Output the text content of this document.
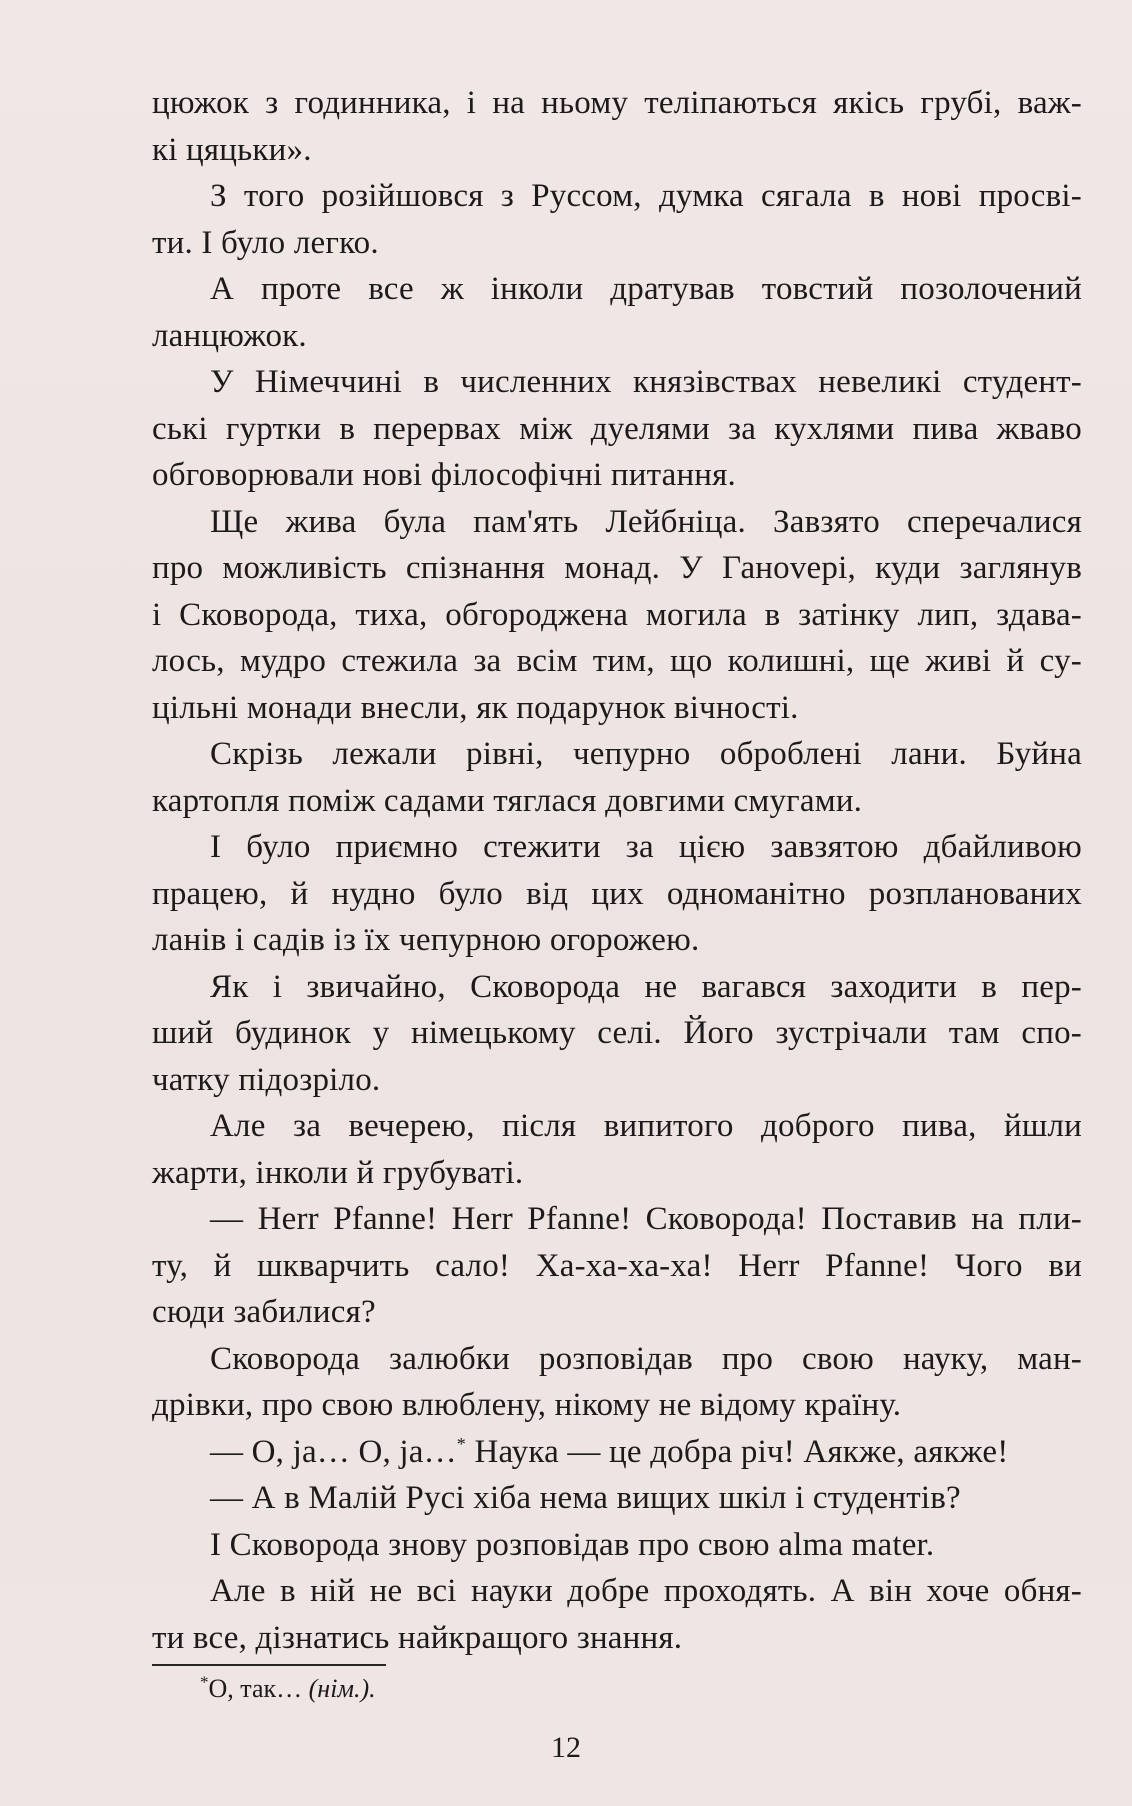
цюжок з годинника, і на ньому теліпаються якісь грубі, важ-
кі цяцьки».
З того розійшовся з Руссом, думка сягала в нові просві-
ти. І було легко.
А проте все ж інколи дратував товстий позолочений
ланцюжок.
У Німеччині в численних князівствах невеликі студент-
ські гуртки в перервах між дуелями за кухлями пива жваво
обговорювали нові філософічні питання.
Ще жива була пам'ять Лейбніца. Завзято сперечалися
про можливість спізнання монад. У Ганovері, куди заглянув
і Сковорода, тиха, обгороджена могила в затінку лип, здава-
лось, мудро стежила за всім тим, що колишні, ще живі й су-
цільні монади внесли, як подарунок вічності.
Скрізь лежали рівні, чепурно оброблені лани. Буйна
картопля поміж садами тяглася довгими смугами.
І було приємно стежити за цією завзятою дбайливою
працею, й нудно було від цих одноманітно розпланованих
ланів і садів із їх чепурною огорожею.
Як і звичайно, Сковорода не вагався заходити в пер-
ший будинок у німецькому селі. Його зустрічали там спо-
чатку підозріло.
Але за вечерею, після випитого доброго пива, йшли
жарти, інколи й грубуваті.
— Herr Pfanne! Herr Pfanne! Сковорода! Поставив на пли-
ту, й шкварчить сало! Ха-ха-ха-ха! Herr Pfanne! Чого ви
сюди забилися?
Сковорода залюбки розповідав про свою науку, ман-
дрівки, про свою влюблену, нікому не відому країну.
— O, ja… O, ja…* Наука — це добра річ! Аякже, аякже!
— А в Малій Русі хіба нема вищих шкіл і студентів?
І Сковорода знову розповідав про свою alma mater.
Але в ній не всі науки добре проходять. А він хоче обня-
ти все, дізнатись найкращого знання.
*O, так… (нім.).
12
